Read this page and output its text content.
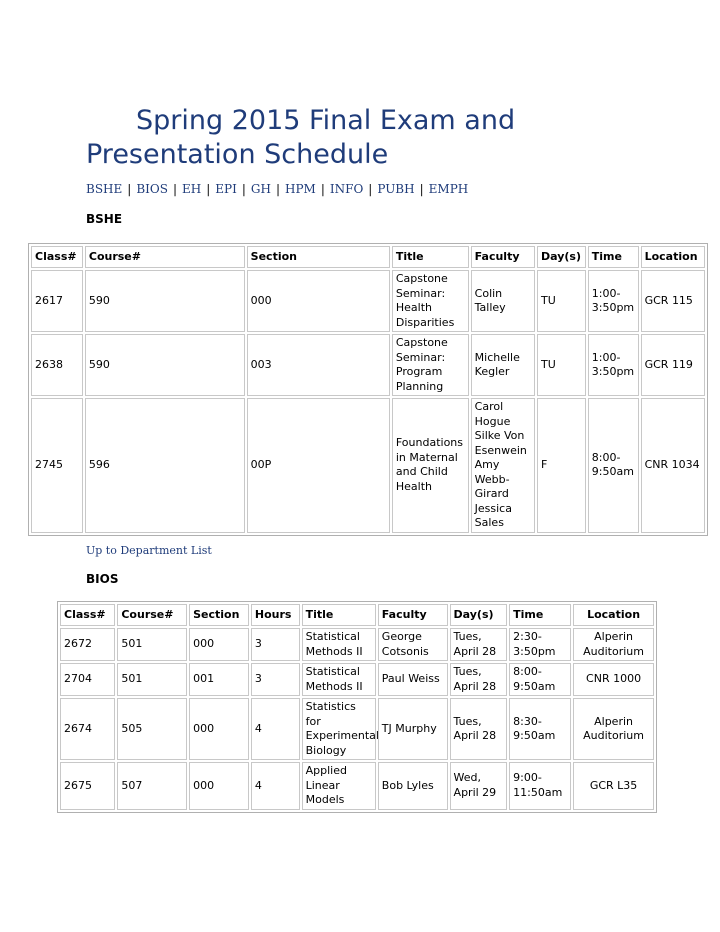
Spring 2015 Final Exam and Presentation Schedule
BSHE | BIOS | EH | EPI | GH | HPM | INFO | PUBH | EMPH
BSHE
Class#	Course#	Section	Title	Faculty	Day(s)	Time	Location
2617	590	000	Capstone Seminar: Health Disparities	Colin Talley	TU	1:00-3:50pm	GCR 115
2638	590	003	Capstone Seminar: Program Planning	Michelle Kegler	TU	1:00-3:50pm	GCR 119
2745	596	00P	Foundations in Maternal and Child Health	Carol Hogue Silke Von Esenwein Amy Webb-Girard Jessica Sales	F	8:00-9:50am	CNR 1034
Up to Department List
BIOS
Class#	Course#	Section	Hours	Title	Faculty	Day(s)	Time	Location
2672	501	000	3	Statistical Methods II	George Cotsonis	Tues, April 28	2:30-3:50pm	Alperin Auditorium
2704	501	001	3	Statistical Methods II	Paul Weiss	Tues, April 28	8:00-9:50am	CNR 1000
2674	505	000	4	Statistics for Experimental Biology	TJ Murphy	Tues, April 28	8:30-9:50am	Alperin Auditorium
2675	507	000	4	Applied Linear Models	Bob Lyles	Wed, April 29	9:00-11:50am	GCR L35
